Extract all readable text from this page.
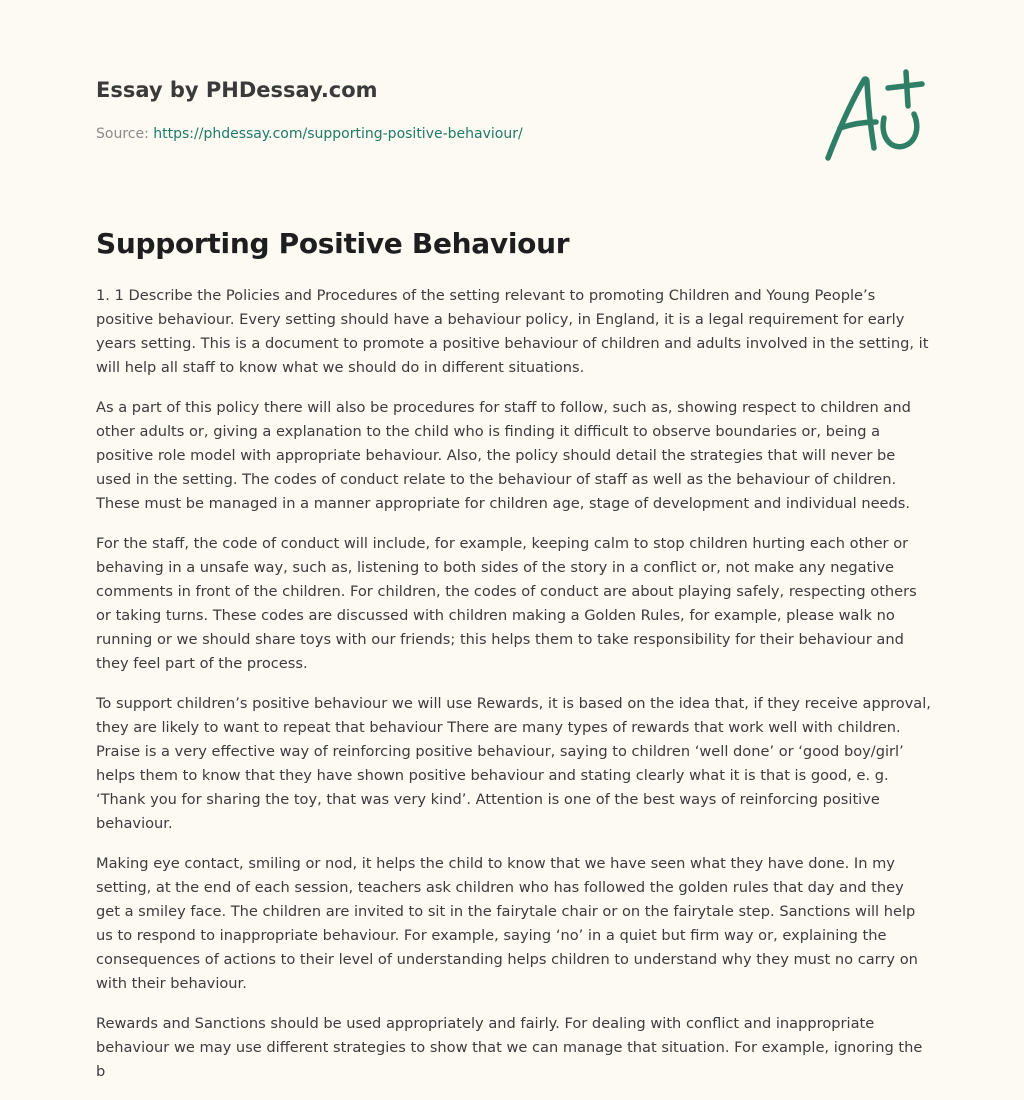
Essay by PHDessay.com

Source: https://phdessay.com/supporting-positive-behaviour/
Supporting Positive Behaviour

1. 1 Describe the Policies and Procedures of the setting relevant to promoting Children and Young People’s positive behaviour. Every setting should have a behaviour policy, in England, it is a legal requirement for early years setting. This is a document to promote a positive behaviour of children and adults involved in the setting, it will help all staff to know what we should do in different situations.

As a part of this policy there will also be procedures for staff to follow, such as, showing respect to children and other adults or, giving a explanation to the child who is finding it difficult to observe boundaries or, being a positive role model with appropriate behaviour. Also, the policy should detail the strategies that will never be used in the setting. The codes of conduct relate to the behaviour of staff as well as the behaviour of children. These must be managed in a manner appropriate for children age, stage of development and individual needs.

For the staff, the code of conduct will include, for example, keeping calm to stop children hurting each other or behaving in a unsafe way, such as, listening to both sides of the story in a conflict or, not make any negative comments in front of the children. For children, the codes of conduct are about playing safely, respecting others or taking turns. These codes are discussed with children making a Golden Rules, for example, please walk no running or we should share toys with our friends; this helps them to take responsibility for their behaviour and they feel part of the process.

To support children’s positive behaviour we will use Rewards, it is based on the idea that, if they receive approval, they are likely to want to repeat that behaviour There are many types of rewards that work well with children. Praise is a very effective way of reinforcing positive behaviour, saying to children ‘well done’ or ‘good boy/girl’ helps them to know that they have shown positive behaviour and stating clearly what it is that is good, e. g. ‘Thank you for sharing the toy, that was very kind’. Attention is one of the best ways of reinforcing positive behaviour.

Making eye contact, smiling or nod, it helps the child to know that we have seen what they have done. In my setting, at the end of each session, teachers ask children who has followed the golden rules that day and they get a smiley face. The children are invited to sit in the fairytale chair or on the fairytale step. Sanctions will help us to respond to inappropriate behaviour. For example, saying ‘no’ in a quiet but firm way or, explaining the consequences of actions to their level of understanding helps children to understand why they must no carry on with their behaviour.

Rewards and Sanctions should be used appropriately and fairly. For dealing with conflict and inappropriate behaviour we may use different strategies to show that we can manage that situation. For example, ignoring the b
